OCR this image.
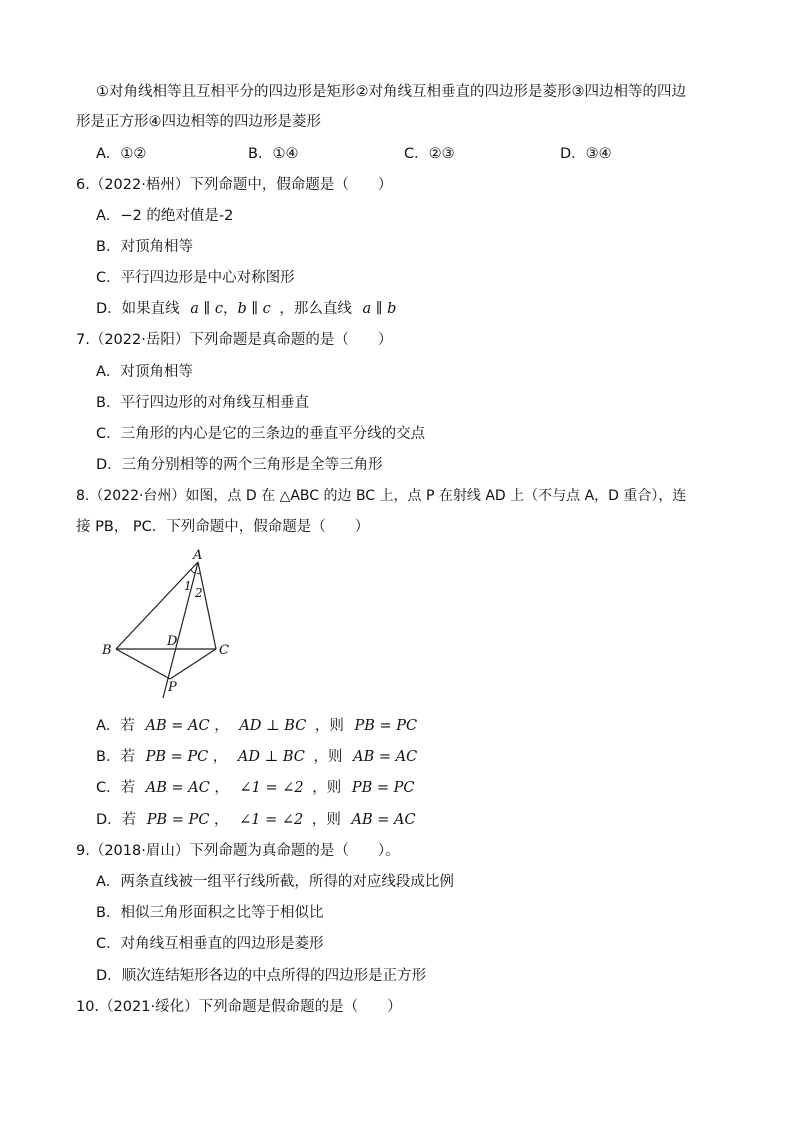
①对角线相等且互相平分的四边形是矩形②对角线互相垂直的四边形是菱形③四边相等的四边
形是正方形④四边相等的四边形是菱形
A．①②	B．①④	C．②③	D．③④
6.（2022·梧州）下列命题中，假命题是（　　）
A．−2 的绝对值是-2
B．对顶角相等
C．平行四边形是中心对称图形
D．如果直线 a ∥ c，b ∥ c ，那么直线 a ∥ b
7.（2022·岳阳）下列命题是真命题的是（　　）
A．对顶角相等
B．平行四边形的对角线互相垂直
C．三角形的内心是它的三条边的垂直平分线的交点
D．三角分别相等的两个三角形是全等三角形
8.（2022·台州）如图，点 D 在 △ABC 的边 BC 上，点 P 在射线 AD 上（不与点 A，D 重合），连
接 PB， PC．下列命题中，假命题是（　　）
A
B	C
D
P
1 2
A．若 AB = AC ， AD ⊥ BC ，则 PB = PC
B．若 PB = PC ， AD ⊥ BC ，则 AB = AC
C．若 AB = AC ， ∠1 = ∠2 ，则 PB = PC
D．若 PB = PC ， ∠1 = ∠2 ，则 AB = AC
9.（2018·眉山）下列命题为真命题的是（　　）。
A．两条直线被一组平行线所截，所得的对应线段成比例
B．相似三角形面积之比等于相似比
C．对角线互相垂直的四边形是菱形
D．顺次连结矩形各边的中点所得的四边形是正方形
10.（2021·绥化）下列命题是假命题的是（　　）
